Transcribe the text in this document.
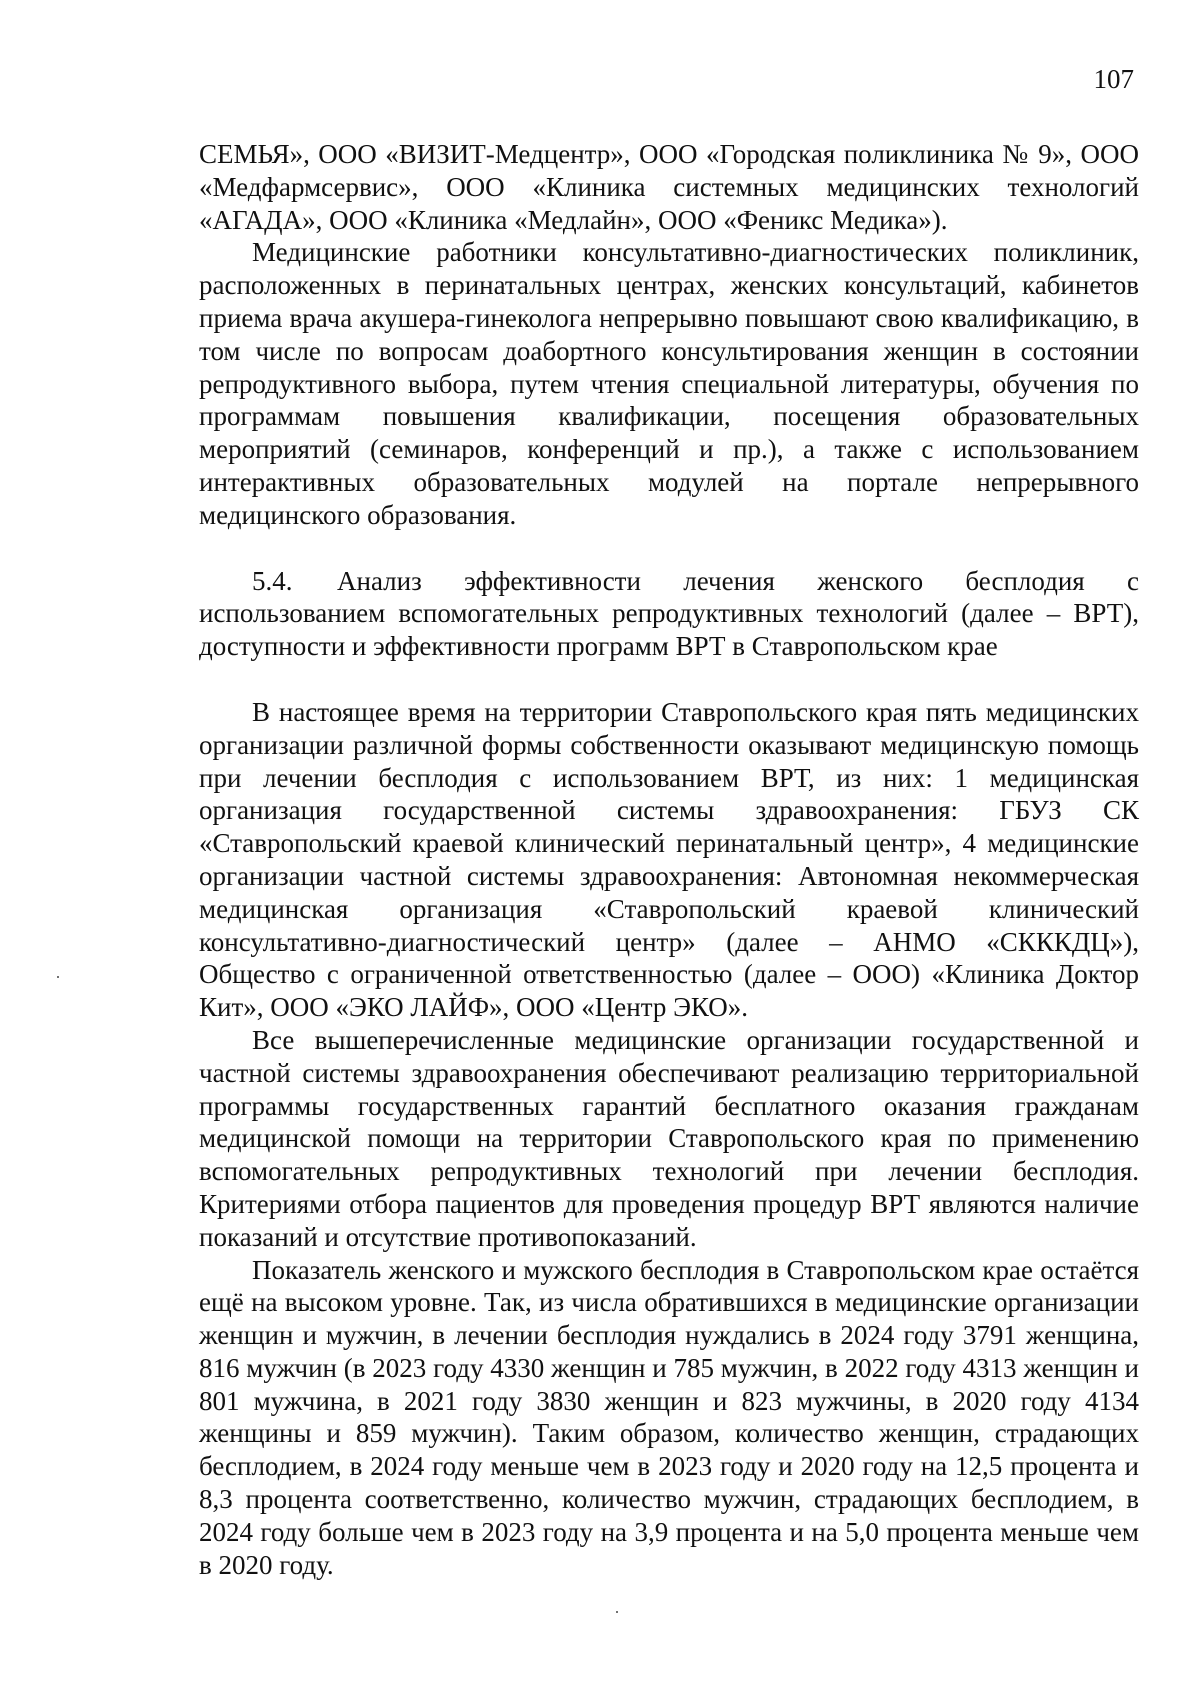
107

СЕМЬЯ», ООО «ВИЗИТ-Медцентр», ООО «Городская поликлиника № 9», ООО «Медфармсервис», ООО «Клиника системных медицинских технологий «АГАДА», ООО «Клиника «Медлайн», ООО «Феникс Медика»).

Медицинские работники консультативно-диагностических поликлиник, расположенных в перинатальных центрах, женских консультаций, кабинетов приема врача акушера-гинеколога непрерывно повышают свою квалификацию, в том числе по вопросам доабортного консультирования женщин в состоянии репродуктивного выбора, путем чтения специальной литературы, обучения по программам повышения квалификации, посещения образовательных мероприятий (семинаров, конференций и пр.), а также с использованием интерактивных образовательных модулей на портале непрерывного медицинского образования.

5.4. Анализ эффективности лечения женского бесплодия с использованием вспомогательных репродуктивных технологий (далее – ВРТ), доступности и эффективности программ ВРТ в Ставропольском крае

В настоящее время на территории Ставропольского края пять медицинских организации различной формы собственности оказывают медицинскую помощь при лечении бесплодия с использованием ВРТ, из них: 1 медицинская организация государственной системы здравоохранения: ГБУЗ СК «Ставропольский краевой клинический перинатальный центр», 4 медицинские организации частной системы здравоохранения: Автономная некоммерческая медицинская организация «Ставропольский краевой клинический консультативно-диагностический центр» (далее – АНМО «СКККДЦ»), Общество с ограниченной ответственностью (далее – ООО) «Клиника Доктор Кит», ООО «ЭКО ЛАЙФ», ООО «Центр ЭКО».

Все вышеперечисленные медицинские организации государственной и частной системы здравоохранения обеспечивают реализацию территориальной программы государственных гарантий бесплатного оказания гражданам медицинской помощи на территории Ставропольского края по применению вспомогательных репродуктивных технологий при лечении бесплодия. Критериями отбора пациентов для проведения процедур ВРТ являются наличие показаний и отсутствие противопоказаний.

Показатель женского и мужского бесплодия в Ставропольском крае остаётся ещё на высоком уровне. Так, из числа обратившихся в медицинские организации женщин и мужчин, в лечении бесплодия нуждались в 2024 году 3791 женщина, 816 мужчин (в 2023 году 4330 женщин и 785 мужчин, в 2022 году 4313 женщин и 801 мужчина, в 2021 году 3830 женщин и 823 мужчины, в 2020 году 4134 женщины и 859 мужчин). Таким образом, количество женщин, страдающих бесплодием, в 2024 году меньше чем в 2023 году и 2020 году на 12,5 процента и 8,3 процента соответственно, количество мужчин, страдающих бесплодием, в 2024 году больше чем в 2023 году на 3,9 процента и на 5,0 процента меньше чем в 2020 году.
